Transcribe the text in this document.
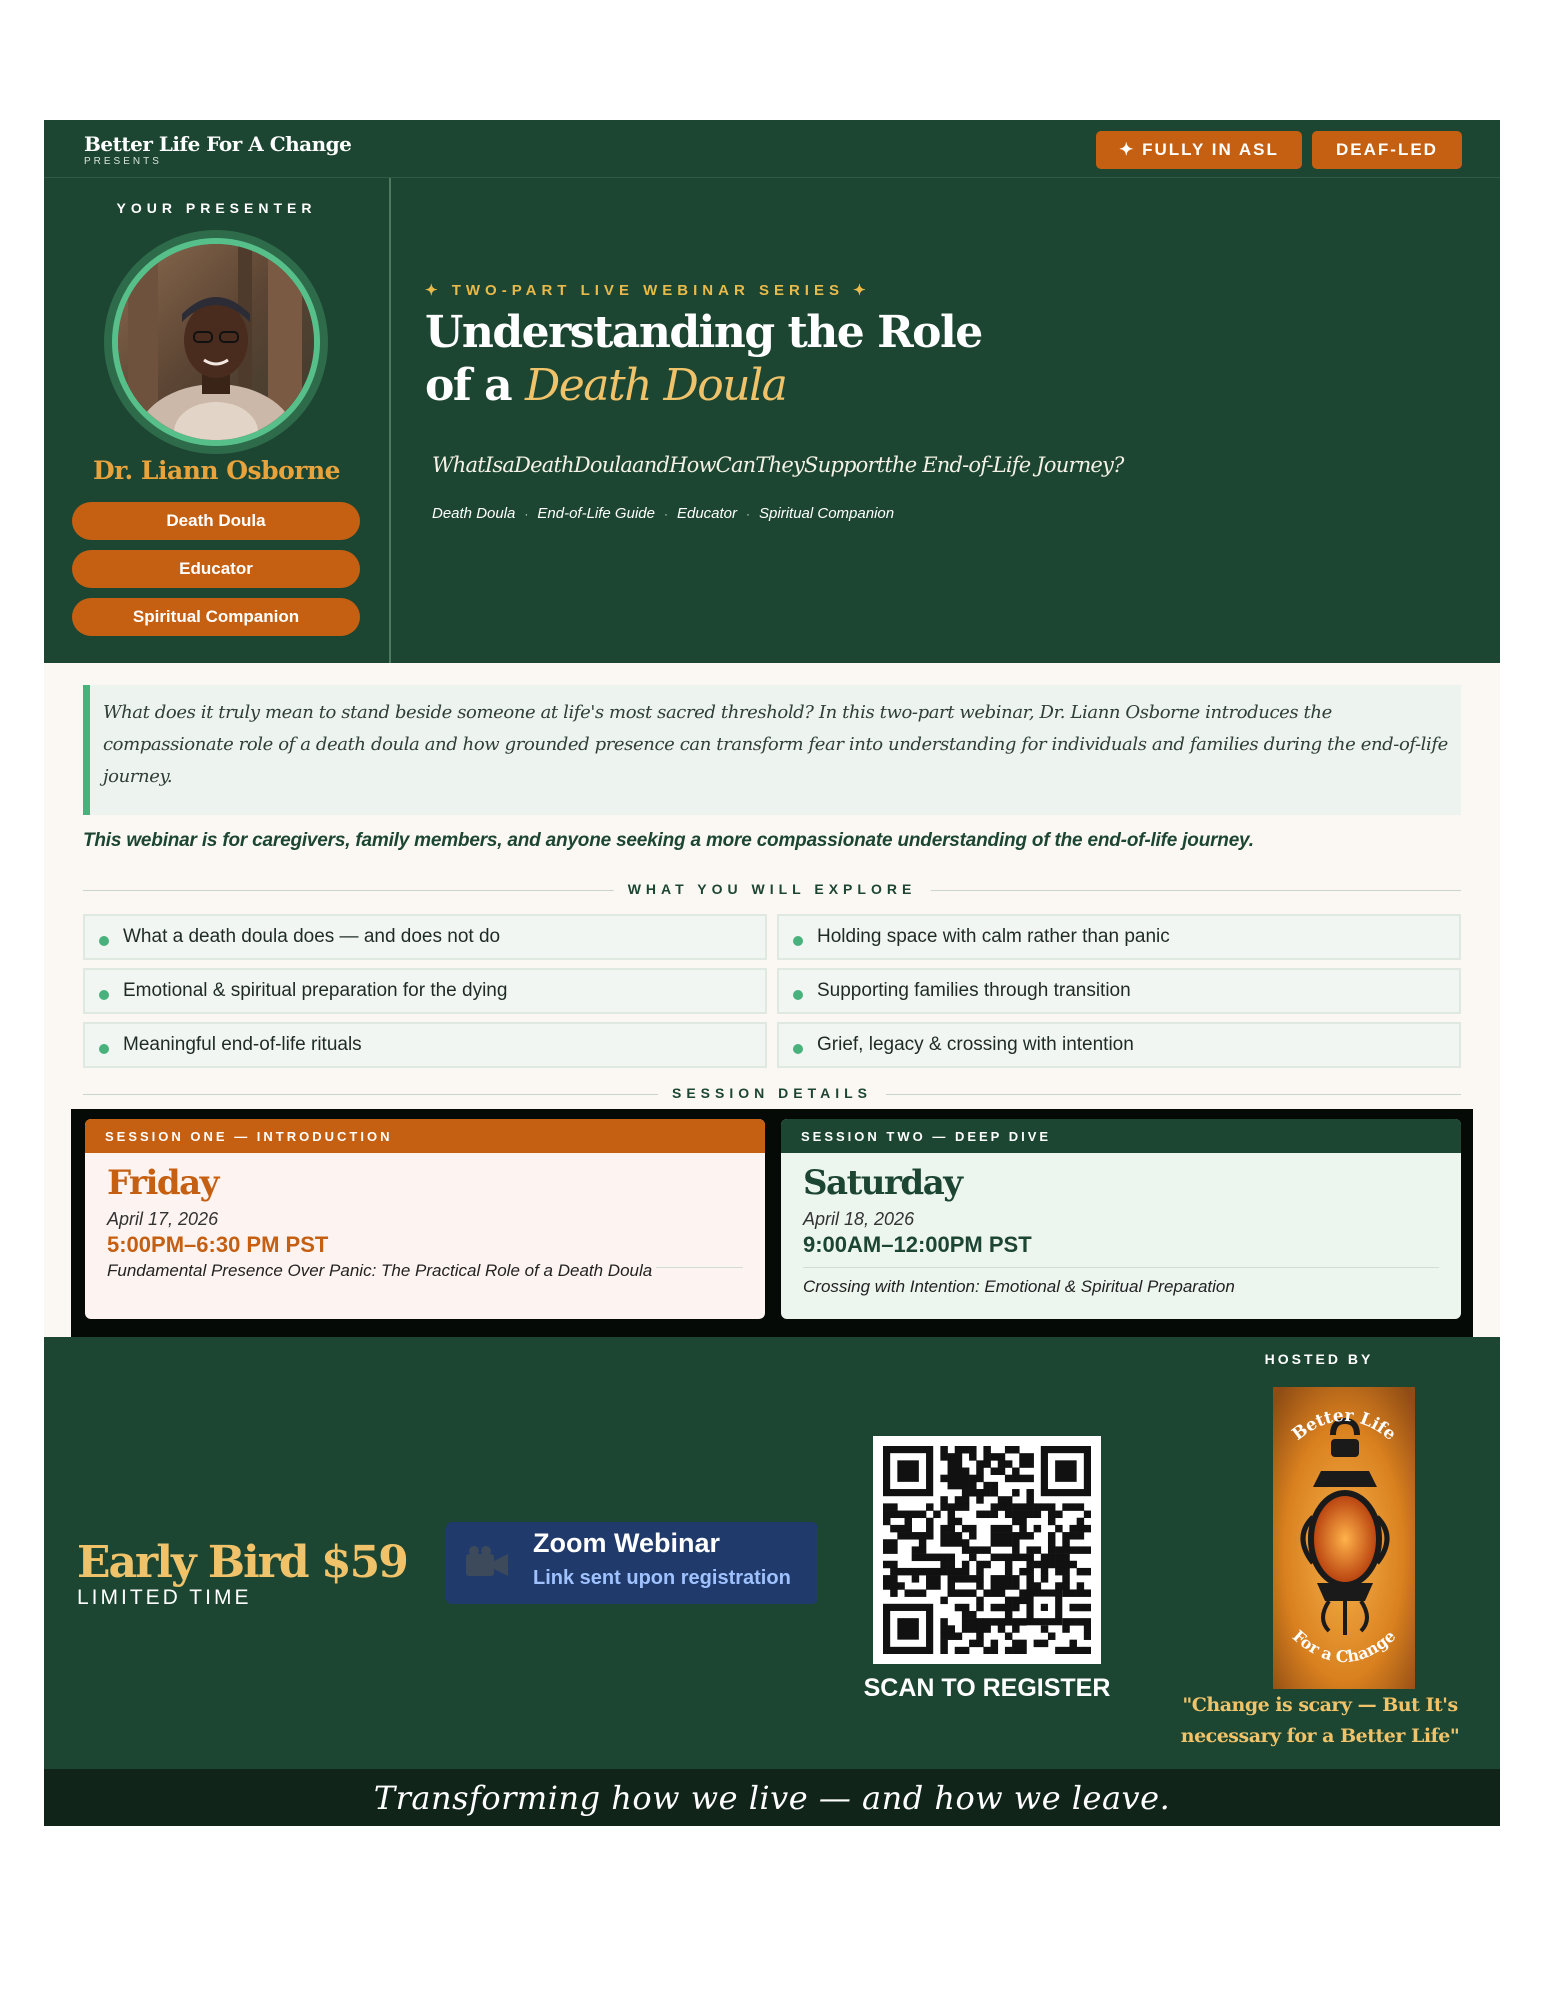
Better Life For A Change
PRESENTS
✦ FULLY IN ASL	DEAF-LED
YOUR PRESENTER
Dr. Liann Osborne
Death Doula
Educator
Spiritual Companion
✦ TWO-PART LIVE WEBINAR SERIES ✦
Understanding the Role
of a Death Doula
WhatIsaDeathDoulaandHowCanTheySupportthe End-of-Life Journey?
Death Doula · End-of-Life Guide · Educator · Spiritual Companion
What does it truly mean to stand beside someone at life's most sacred threshold? In this two-part webinar, Dr. Liann Osborne introduces the compassionate role of a death doula and how grounded presence can transform fear into understanding for individuals and families during the end-of-life journey.
This webinar is for caregivers, family members, and anyone seeking a more compassionate understanding of the end-of-life journey.
WHAT YOU WILL EXPLORE
What a death doula does — and does not do	Holding space with calm rather than panic
Emotional & spiritual preparation for the dying	Supporting families through transition
Meaningful end-of-life rituals	Grief, legacy & crossing with intention
SESSION DETAILS
SESSION ONE — INTRODUCTION
Friday
April 17, 2026
5:00PM–6:30 PM PST
Fundamental Presence Over Panic: The Practical Role of a Death Doula
SESSION TWO — DEEP DIVE
Saturday
April 18, 2026
9:00AM–12:00PM PST
Crossing with Intention: Emotional & Spiritual Preparation
Early Bird $59
LIMITED TIME
Zoom Webinar
Link sent upon registration
SCAN TO REGISTER
HOSTED BY
Better Life
For a Change
"Change is scary — But It's necessary for a Better Life"
Transforming how we live — and how we leave.
